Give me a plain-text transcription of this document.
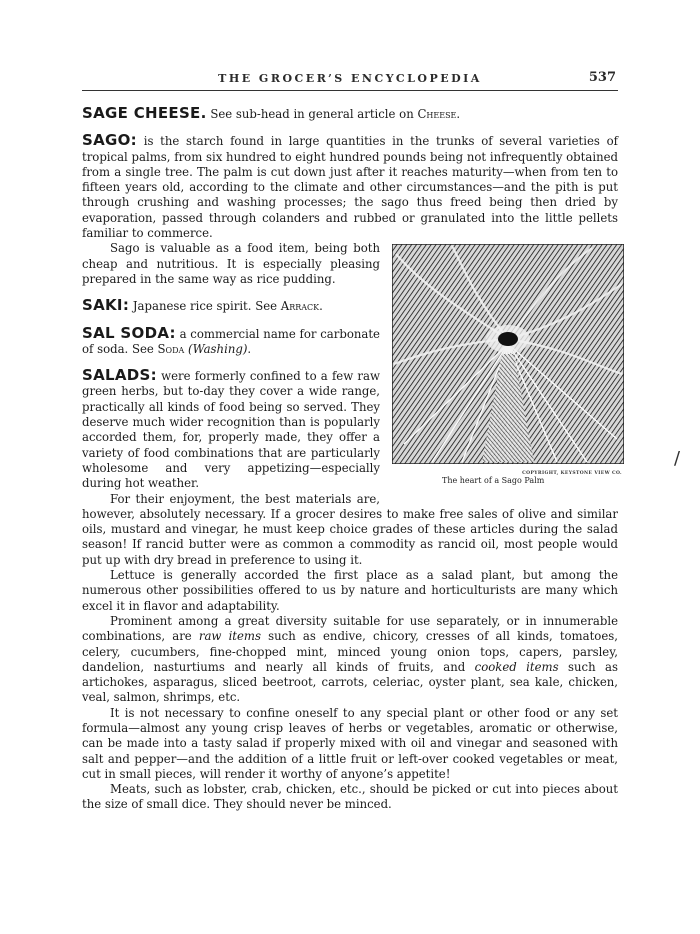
THE GROCER’S ENCYCLOPEDIA	537

SAGE CHEESE. See sub-head in general article on Cheese.

SAGO: is the starch found in large quantities in the trunks of several varieties of tropical palms, from six hundred to eight hundred pounds being not infrequently obtained from a single tree. The palm is cut down just after it reaches maturity—when from ten to fifteen years old, according to the climate and other circumstances—and the pith is put through crushing and washing processes; the sago thus freed being then dried by evaporation, passed through colanders and rubbed or granulated into the little pellets familiar to commerce.

COPYRIGHT, KEYSTONE VIEW CO.
The heart of a Sago Palm

Sago is valuable as a food item, being both cheap and nutritious. It is especially pleasing prepared in the same way as rice pudding.

SAKI: Japanese rice spirit. See Arrack.

SAL SODA: a commercial name for carbonate of soda. See Soda (Washing).

SALADS: were formerly confined to a few raw green herbs, but to-day they cover a wide range, practically all kinds of food being so served. They deserve much wider recognition than is popularly accorded them, for, properly made, they offer a variety of food combinations that are particularly wholesome and very appetizing—especially during hot weather.

For their enjoyment, the best materials are, however, absolutely necessary. If a grocer desires to make free sales of olive and similar oils, mustard and vinegar, he must keep choice grades of these articles during the salad season! If rancid butter were as common a commodity as rancid oil, most people would put up with dry bread in preference to using it.

Lettuce is generally accorded the first place as a salad plant, but among the numerous other possibilities offered to us by nature and horticulturists are many which excel it in flavor and adaptability.

Prominent among a great diversity suitable for use separately, or in innumerable combinations, are raw items such as endive, chicory, cresses of all kinds, tomatoes, celery, cucumbers, fine-chopped mint, minced young onion tops, capers, parsley, dandelion, nasturtiums and nearly all kinds of fruits, and cooked items such as artichokes, asparagus, sliced beetroot, carrots, celeriac, oyster plant, sea kale, chicken, veal, salmon, shrimps, etc.

It is not necessary to confine oneself to any special plant or other food or any set formula—almost any young crisp leaves of herbs or vegetables, aromatic or otherwise, can be made into a tasty salad if properly mixed with oil and vinegar and seasoned with salt and pepper—and the addition of a little fruit or left-over cooked vegetables or meat, cut in small pieces, will render it worthy of anyone’s appetite!

Meats, such as lobster, crab, chicken, etc., should be picked or cut into pieces about the size of small dice. They should never be minced.

/
